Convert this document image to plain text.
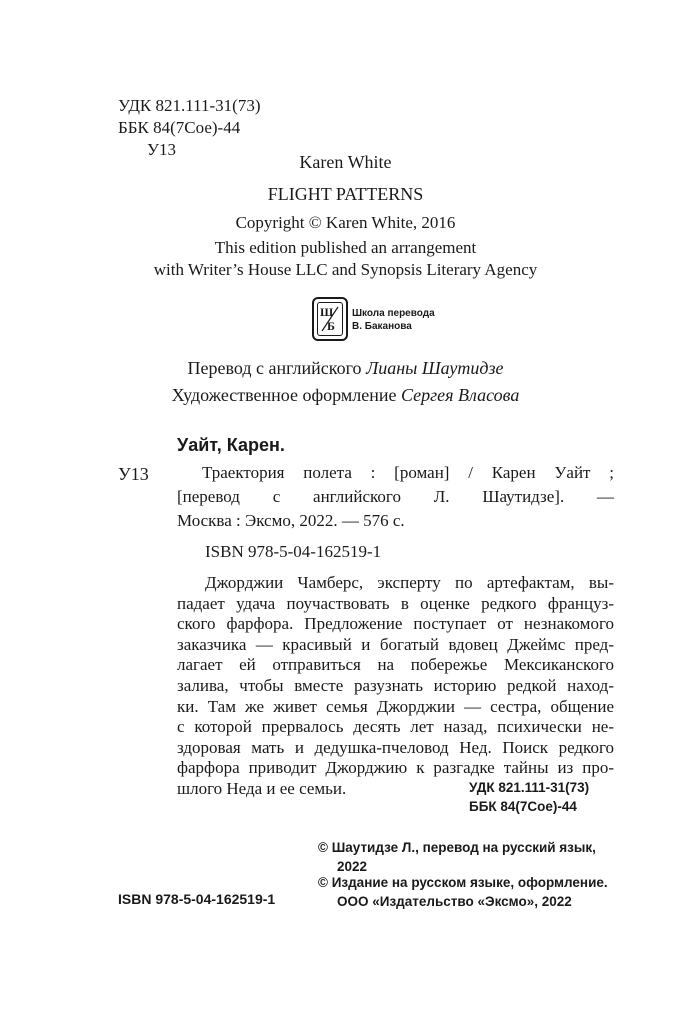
УДК 821.111-31(73)
ББК 84(7Сое)-44
У13
Karen White
FLIGHT PATTERNS
Copyright © Karen White, 2016
This edition published an arrangement
with Writer’s House LLC and Synopsis Literary Agency
Ш
Б
Школа перевода
В. Баканова
Перевод с английского Лианы Шаутидзе
Художественное оформление Сергея Власова
Уайт, Карен.
У13	Траектория полета : [роман] / Карен Уайт ;
[перевод с английского Л. Шаутидзе]. —
Москва : Эксмо, 2022. — 576 с.
ISBN 978-5-04-162519-1
Джорджии Чамберс, эксперту по артефактам, вы-
падает удача поучаствовать в оценке редкого француз-
ского фарфора. Предложение поступает от незнакомого
заказчика — красивый и богатый вдовец Джеймс пред-
лагает ей отправиться на побережье Мексиканского
залива, чтобы вместе разузнать историю редкой наход-
ки. Там же живет семья Джорджии — сестра, общение
с которой прервалось десять лет назад, психически не-
здоровая мать и дедушка-пчеловод Нед. Поиск редкого
фарфора приводит Джорджию к разгадке тайны из про-
шлого Неда и ее семьи.	УДК 821.111-31(73)
ББК 84(7Сое)-44
© Шаутидзе Л., перевод на русский язык,
2022
© Издание на русском языке, оформление.
ООО «Издательство «Эксмо», 2022
ISBN 978-5-04-162519-1
